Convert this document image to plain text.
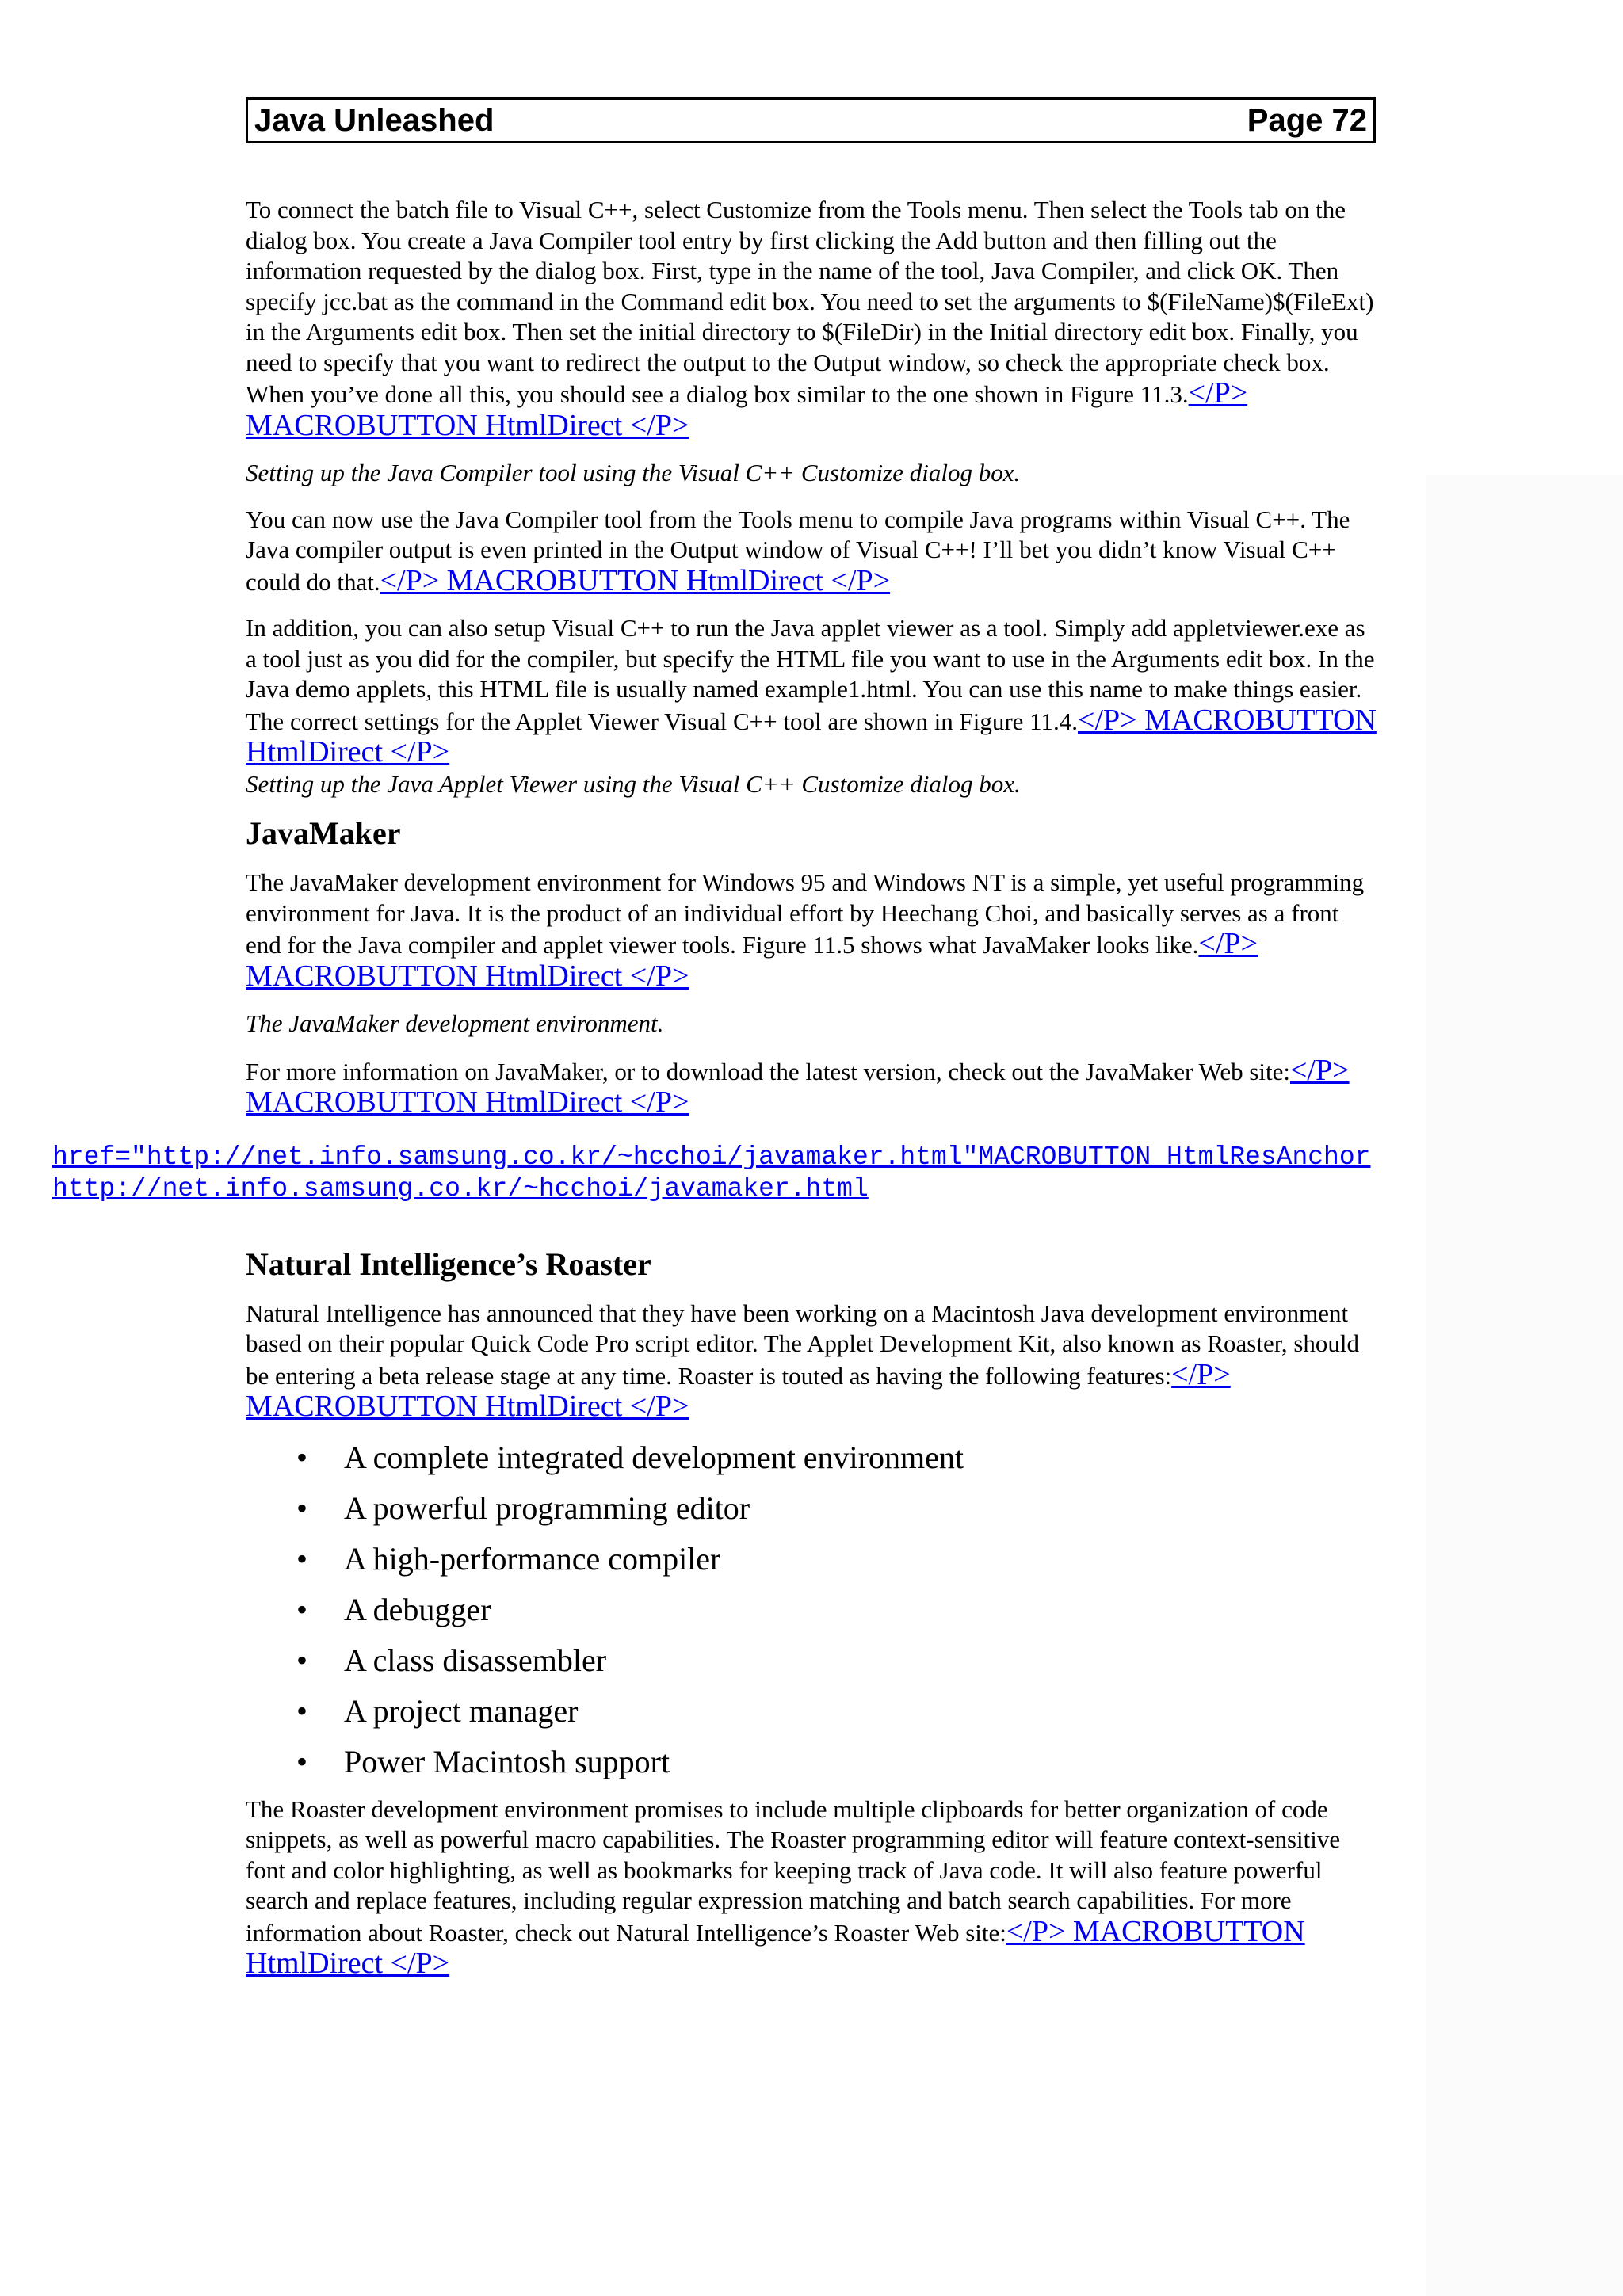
Java Unleashed	Page 72

To connect the batch file to Visual C++, select Customize from the Tools menu. Then select the Tools tab on the dialog box. You create a Java Compiler tool entry by first clicking the Add button and then filling out the information requested by the dialog box. First, type in the name of the tool, Java Compiler, and click OK. Then specify jcc.bat as the command in the Command edit box. You need to set the arguments to $(FileName)$(FileExt) in the Arguments edit box. Then set the initial directory to $(FileDir) in the Initial directory edit box. Finally, you need to specify that you want to redirect the output to the Output window, so check the appropriate check box. When you’ve done all this, you should see a dialog box similar to the one shown in Figure 11.3.</P> MACROBUTTON HtmlDirect </P>

Setting up the Java Compiler tool using the Visual C++ Customize dialog box.

You can now use the Java Compiler tool from the Tools menu to compile Java programs within Visual C++. The Java compiler output is even printed in the Output window of Visual C++! I’ll bet you didn’t know Visual C++ could do that.</P> MACROBUTTON HtmlDirect </P>

In addition, you can also setup Visual C++ to run the Java applet viewer as a tool. Simply add appletviewer.exe as a tool just as you did for the compiler, but specify the HTML file you want to use in the Arguments edit box. In the Java demo applets, this HTML file is usually named example1.html. You can use this name to make things easier. The correct settings for the Applet Viewer Visual C++ tool are shown in Figure 11.4.</P> MACROBUTTON HtmlDirect </P>

Setting up the Java Applet Viewer using the Visual C++ Customize dialog box.

JavaMaker

The JavaMaker development environment for Windows 95 and Windows NT is a simple, yet useful programming environment for Java. It is the product of an individual effort by Heechang Choi, and basically serves as a front end for the Java compiler and applet viewer tools. Figure 11.5 shows what JavaMaker looks like.</P> MACROBUTTON HtmlDirect </P>

The JavaMaker development environment.

For more information on JavaMaker, or to download the latest version, check out the JavaMaker Web site:</P> MACROBUTTON HtmlDirect </P>

Natural Intelligence’s Roaster

Natural Intelligence has announced that they have been working on a Macintosh Java development environment based on their popular Quick Code Pro script editor. The Applet Development Kit, also known as Roaster, should be entering a beta release stage at any time. Roaster is touted as having the following features:</P> MACROBUTTON HtmlDirect </P>

• A complete integrated development environment
• A powerful programming editor
• A high-performance compiler
• A debugger
• A class disassembler
• A project manager
• Power Macintosh support

The Roaster development environment promises to include multiple clipboards for better organization of code snippets, as well as powerful macro capabilities. The Roaster programming editor will feature context-sensitive font and color highlighting, as well as bookmarks for keeping track of Java code. It will also feature powerful search and replace features, including regular expression matching and batch search capabilities. For more information about Roaster, check out Natural Intelligence’s Roaster Web site:</P> MACROBUTTON HtmlDirect </P>

href="http://net.info.samsung.co.kr/~hcchoi/javamaker.html"MACROBUTTON HtmlResAnchor
http://net.info.samsung.co.kr/~hcchoi/javamaker.html
